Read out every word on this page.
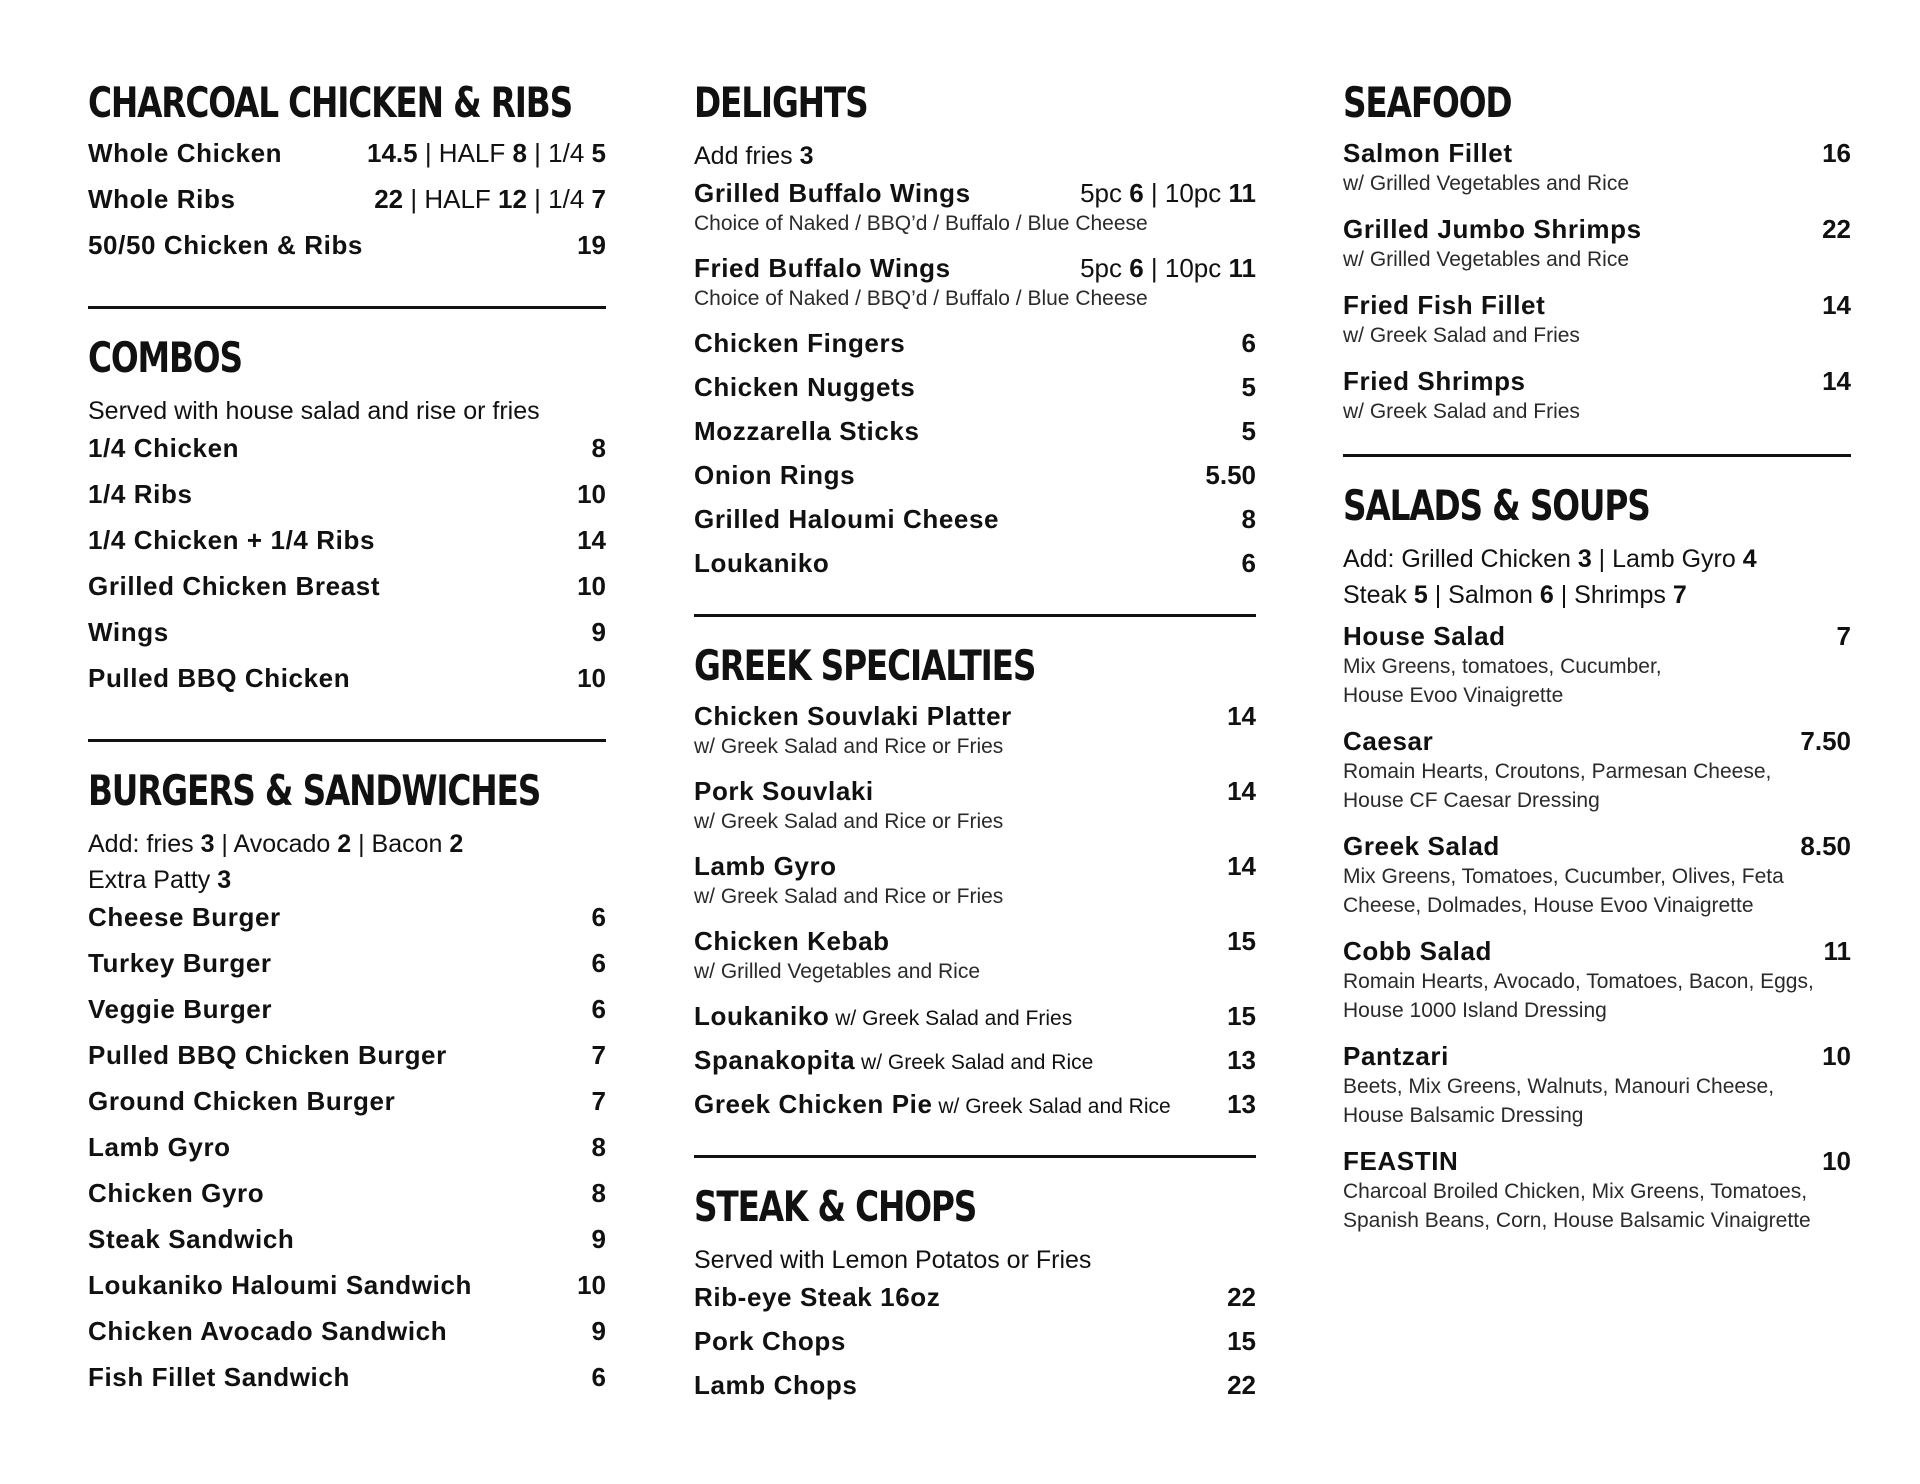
CHARCOAL CHICKEN & RIBS
Whole Chicken	14.5 | HALF 8 | 1/4 5
Whole Ribs	22 | HALF 12 | 1/4 7
50/50 Chicken & Ribs	19
COMBOS
Served with house salad and rise or fries
1/4 Chicken	8
1/4 Ribs	10
1/4 Chicken + 1/4 Ribs	14
Grilled Chicken Breast	10
Wings	9
Pulled BBQ Chicken	10
BURGERS & SANDWICHES
Add: fries 3 | Avocado 2 | Bacon 2
Extra Patty 3
Cheese Burger	6
Turkey Burger	6
Veggie Burger	6
Pulled BBQ Chicken Burger	7
Ground Chicken Burger	7
Lamb Gyro	8
Chicken Gyro	8
Steak Sandwich	9
Loukaniko Haloumi Sandwich	10
Chicken Avocado Sandwich	9
Fish Fillet Sandwich	6
DELIGHTS
Add fries 3
Grilled Buffalo Wings	5pc 6 | 10pc 11
Choice of Naked / BBQ’d / Buffalo / Blue Cheese
Fried Buffalo Wings	5pc 6 | 10pc 11
Choice of Naked / BBQ’d / Buffalo / Blue Cheese
Chicken Fingers	6
Chicken Nuggets	5
Mozzarella Sticks	5
Onion Rings	5.50
Grilled Haloumi Cheese	8
Loukaniko	6
GREEK SPECIALTIES
Chicken Souvlaki Platter	14
w/ Greek Salad and Rice or Fries
Pork Souvlaki	14
w/ Greek Salad and Rice or Fries
Lamb Gyro	14
w/ Greek Salad and Rice or Fries
Chicken Kebab	15
w/ Grilled Vegetables and Rice
Loukaniko w/ Greek Salad and Fries	15
Spanakopita w/ Greek Salad and Rice	13
Greek Chicken Pie w/ Greek Salad and Rice 13
STEAK & CHOPS
Served with Lemon Potatos or Fries
Rib-eye Steak 16oz	22
Pork Chops	15
Lamb Chops	22
SEAFOOD
Salmon Fillet	16
w/ Grilled Vegetables and Rice
Grilled Jumbo Shrimps	22
w/ Grilled Vegetables and Rice
Fried Fish Fillet	14
w/ Greek Salad and Fries
Fried Shrimps	14
w/ Greek Salad and Fries
SALADS & SOUPS
Add: Grilled Chicken 3 | Lamb Gyro 4
Steak 5 | Salmon 6 | Shrimps 7
House Salad	7
Mix Greens, tomatoes, Cucumber,
House Evoo Vinaigrette
Caesar	7.50
Romain Hearts, Croutons, Parmesan Cheese,
House CF Caesar Dressing
Greek Salad	8.50
Mix Greens, Tomatoes, Cucumber, Olives, Feta
Cheese, Dolmades, House Evoo Vinaigrette
Cobb Salad	11
Romain Hearts, Avocado, Tomatoes, Bacon, Eggs,
House 1000 Island Dressing
Pantzari	10
Beets, Mix Greens, Walnuts, Manouri Cheese,
House Balsamic Dressing
FEASTIN	10
Charcoal Broiled Chicken, Mix Greens, Tomatoes,
Spanish Beans, Corn, House Balsamic Vinaigrette
